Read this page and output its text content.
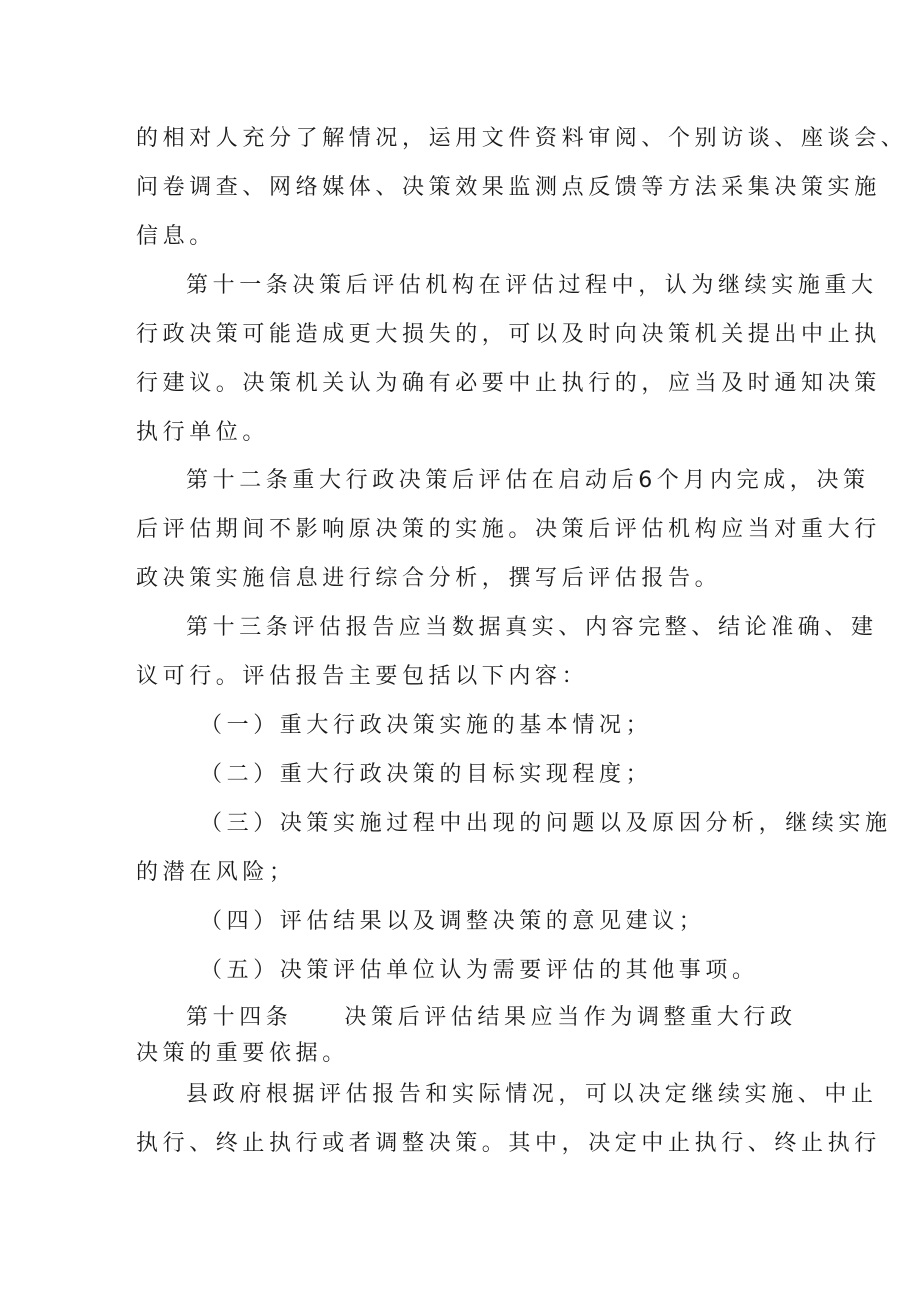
的相对人充分了解情况，运用文件资料审阅、个别访谈、座谈会、
问卷调查、网络媒体、决策效果监测点反馈等方法采集决策实施
信息。
第十一条决策后评估机构在评估过程中，认为继续实施重大
行政决策可能造成更大损失的，可以及时向决策机关提出中止执
行建议。决策机关认为确有必要中止执行的，应当及时通知决策
执行单位。
第十二条重大行政决策后评估在启动后6个月内完成，决策
后评估期间不影响原决策的实施。决策后评估机构应当对重大行
政决策实施信息进行综合分析，撰写后评估报告。
第十三条评估报告应当数据真实、内容完整、结论准确、建
议可行。评估报告主要包括以下内容：
（一）重大行政决策实施的基本情况；
（二）重大行政决策的目标实现程度；
（三）决策实施过程中出现的问题以及原因分析，继续实施
的潜在风险；
（四）评估结果以及调整决策的意见建议；
（五）决策评估单位认为需要评估的其他事项。
第十四条 决策后评估结果应当作为调整重大行政
决策的重要依据。
县政府根据评估报告和实际情况，可以决定继续实施、中止
执行、终止执行或者调整决策。其中，决定中止执行、终止执行
